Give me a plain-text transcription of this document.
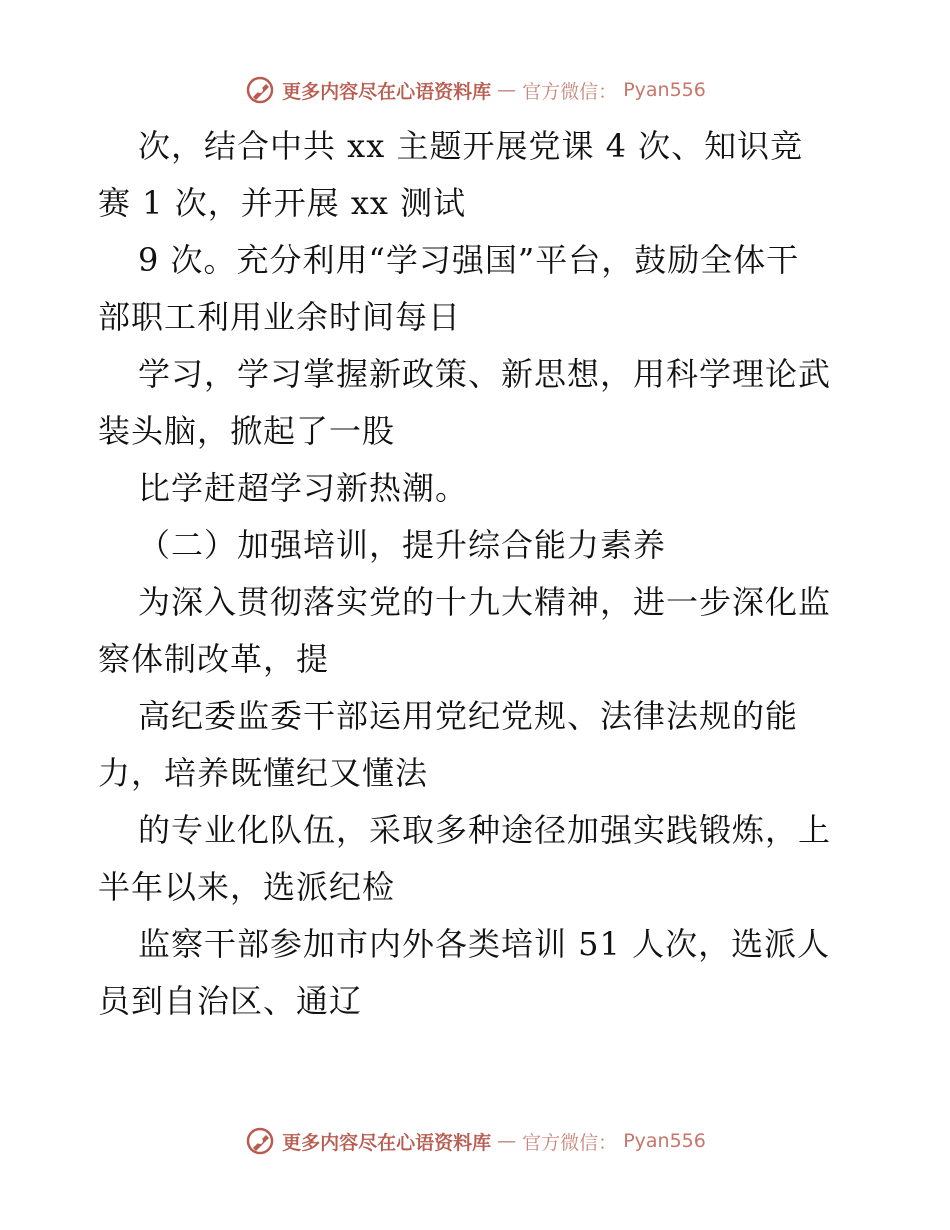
更多内容尽在心语资料库 — 官方微信： Pyan556
次，结合中共 xx 主题开展党课 4 次、知识竞
赛 1 次，并开展 xx 测试
9 次。充分利用“学习强国”平台，鼓励全体干
部职工利用业余时间每日
学习，学习掌握新政策、新思想，用科学理论武
装头脑，掀起了一股
比学赶超学习新热潮。
（二）加强培训，提升综合能力素养
为深入贯彻落实党的十九大精神，进一步深化监
察体制改革，提
高纪委监委干部运用党纪党规、法律法规的能
力，培养既懂纪又懂法
的专业化队伍，采取多种途径加强实践锻炼，上
半年以来，选派纪检
监察干部参加市内外各类培训 51 人次，选派人
员到自治区、通辽
更多内容尽在心语资料库 — 官方微信： Pyan556
